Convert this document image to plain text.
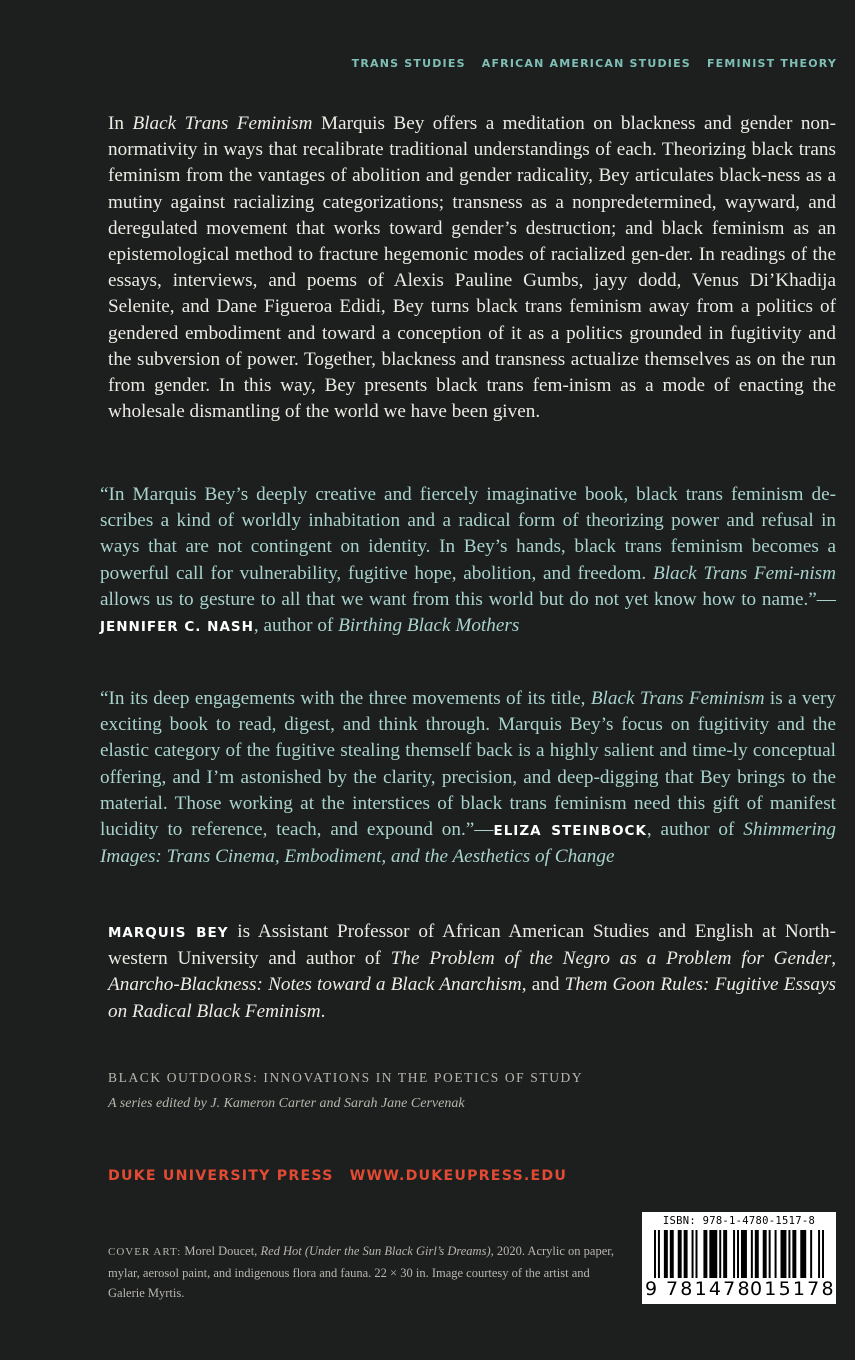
TRANS STUDIES AFRICAN AMERICAN STUDIES FEMINIST THEORY

In Black Trans Feminism Marquis Bey offers a meditation on blackness and gender non-normativity in ways that recalibrate traditional understandings of each. Theorizing black trans feminism from the vantages of abolition and gender radicality, Bey articulates black-ness as a mutiny against racializing categorizations; transness as a nonpredetermined, wayward, and deregulated movement that works toward gender’s destruction; and black feminism as an epistemological method to fracture hegemonic modes of racialized gen-der. In readings of the essays, interviews, and poems of Alexis Pauline Gumbs, jayy dodd, Venus Di’Khadija Selenite, and Dane Figueroa Edidi, Bey turns black trans feminism away from a politics of gendered embodiment and toward a conception of it as a politics grounded in fugitivity and the subversion of power. Together, blackness and transness actualize themselves as on the run from gender. In this way, Bey presents black trans fem-inism as a mode of enacting the wholesale dismantling of the world we have been given.

“In Marquis Bey’s deeply creative and fiercely imaginative book, black trans feminism de-scribes a kind of worldly inhabitation and a radical form of theorizing power and refusal in ways that are not contingent on identity. In Bey’s hands, black trans feminism becomes a powerful call for vulnerability, fugitive hope, abolition, and freedom. Black Trans Femi-nism allows us to gesture to all that we want from this world but do not yet know how to name.”—JENNIFER C. NASH, author of Birthing Black Mothers

“In its deep engagements with the three movements of its title, Black Trans Feminism is a very exciting book to read, digest, and think through. Marquis Bey’s focus on fugitivity and the elastic category of the fugitive stealing themself back is a highly salient and time-ly conceptual offering, and I’m astonished by the clarity, precision, and deep-digging that Bey brings to the material. Those working at the interstices of black trans feminism need this gift of manifest lucidity to reference, teach, and expound on.”—ELIZA STEINBOCK, author of Shimmering Images: Trans Cinema, Embodiment, and the Aesthetics of Change

MARQUIS BEY is Assistant Professor of African American Studies and English at North-western University and author of The Problem of the Negro as a Problem for Gender, Anarcho-Blackness: Notes toward a Black Anarchism, and Them Goon Rules: Fugitive Essays on Radical Black Feminism.

BLACK OUTDOORS: INNOVATIONS IN THE POETICS OF STUDY
A series edited by J. Kameron Carter and Sarah Jane Cervenak
DUKE UNIVERSITY PRESS WWW.DUKEUPRESS.EDU

COVER ART: Morel Doucet, Red Hot (Under the Sun Black Girl’s Dreams), 2020. Acrylic on paper, mylar, aerosol paint, and indigenous flora and fauna. 22 × 30 in. Image courtesy of the artist and Galerie Myrtis.

ISBN: 978-1-4780-1517-8
9 781478
015178
